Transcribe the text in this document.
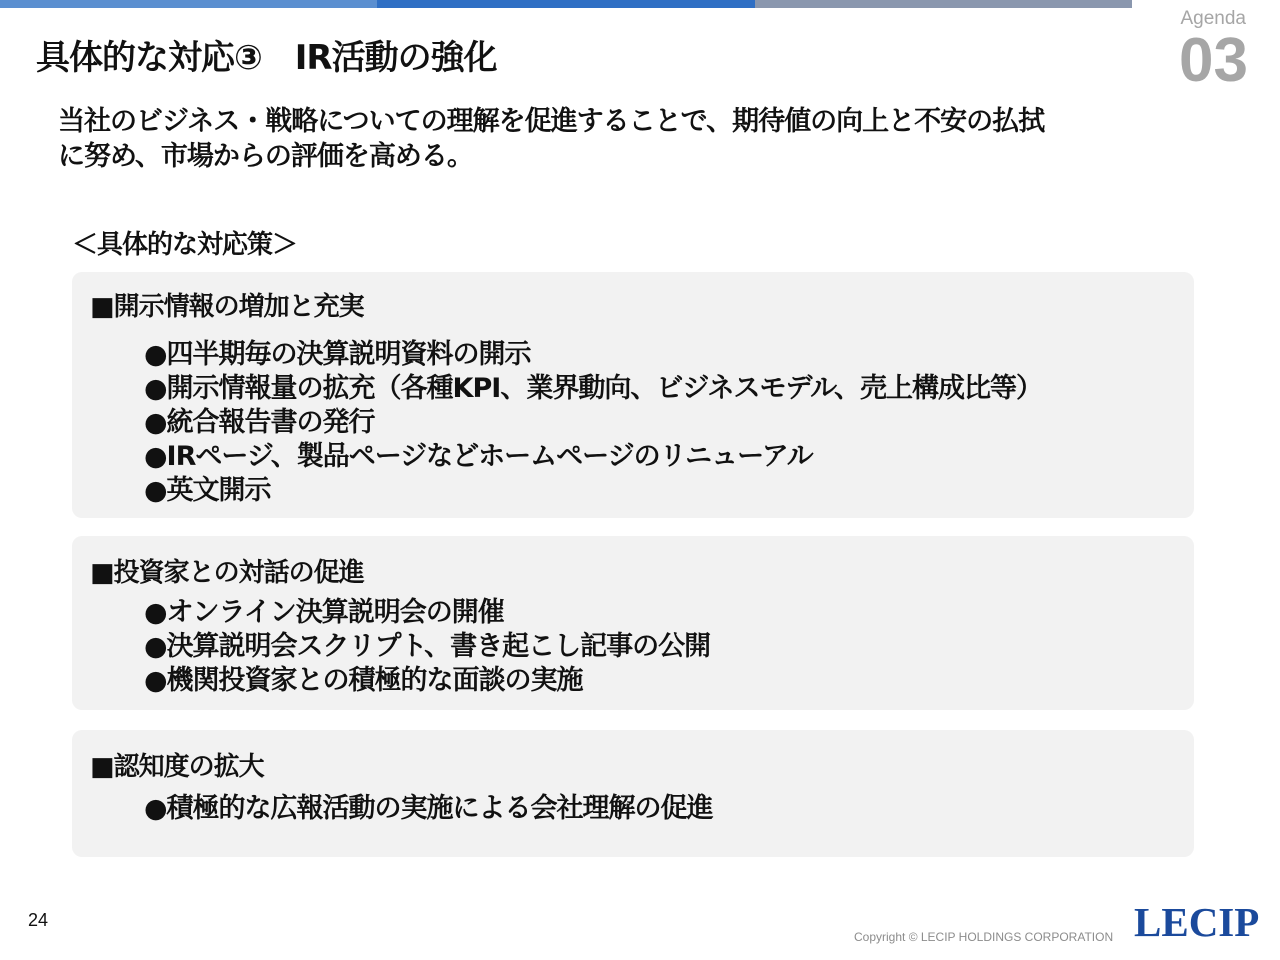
Agenda
03
具体的な対応③　IR活動の強化
当社のビジネス・戦略についての理解を促進することで、期待値の向上と不安の払拭
に努め、市場からの評価を高める。
＜具体的な対応策＞
■開示情報の増加と充実
●四半期毎の決算説明資料の開示
●開示情報量の拡充（各種KPI、業界動向、ビジネスモデル、売上構成比等）
●統合報告書の発行
●IRページ、製品ページなどホームページのリニューアル
●英文開示
■投資家との対話の促進
●オンライン決算説明会の開催
●決算説明会スクリプト、書き起こし記事の公開
●機関投資家との積極的な面談の実施
■認知度の拡大
●積極的な広報活動の実施による会社理解の促進
24
Copyright © LECIP HOLDINGS CORPORATION LECIP
